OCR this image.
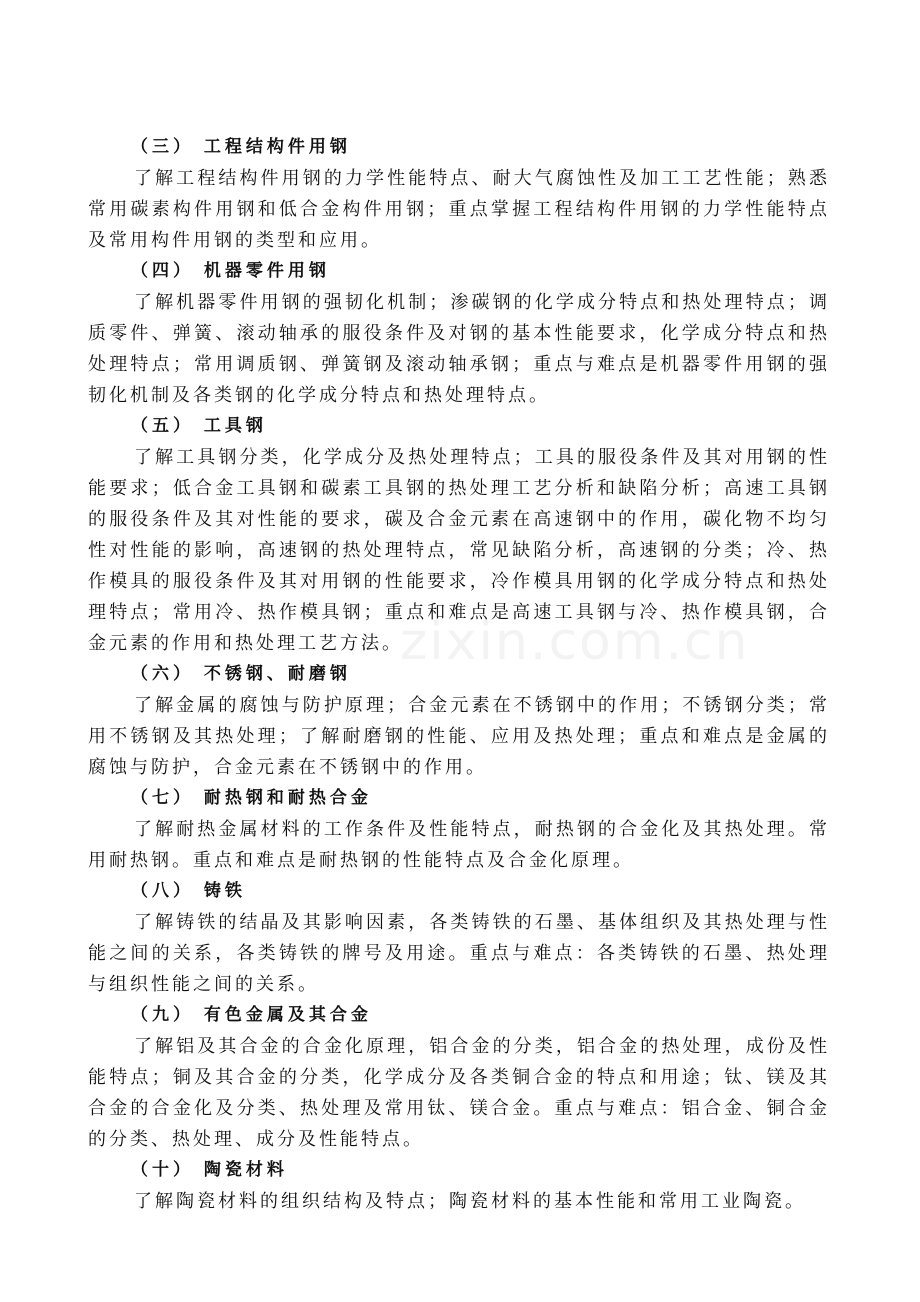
zixin.com.cn
（三） 工程结构件用钢

了解工程结构件用钢的力学性能特点、耐大气腐蚀性及加工工艺性能；熟悉常用碳素构件用钢和低合金构件用钢；重点掌握工程结构件用钢的力学性能特点及常用构件用钢的类型和应用。

（四） 机器零件用钢

了解机器零件用钢的强韧化机制；渗碳钢的化学成分特点和热处理特点；调质零件、弹簧、滚动轴承的服役条件及对钢的基本性能要求，化学成分特点和热处理特点；常用调质钢、弹簧钢及滚动轴承钢；重点与难点是机器零件用钢的强韧化机制及各类钢的化学成分特点和热处理特点。

（五） 工具钢

了解工具钢分类，化学成分及热处理特点；工具的服役条件及其对用钢的性能要求；低合金工具钢和碳素工具钢的热处理工艺分析和缺陷分析；高速工具钢的服役条件及其对性能的要求，碳及合金元素在高速钢中的作用，碳化物不均匀性对性能的影响，高速钢的热处理特点，常见缺陷分析，高速钢的分类；冷、热作模具的服役条件及其对用钢的性能要求，冷作模具用钢的化学成分特点和热处理特点；常用冷、热作模具钢；重点和难点是高速工具钢与冷、热作模具钢，合金元素的作用和热处理工艺方法。

（六） 不锈钢、耐磨钢

了解金属的腐蚀与防护原理；合金元素在不锈钢中的作用；不锈钢分类；常用不锈钢及其热处理；了解耐磨钢的性能、应用及热处理；重点和难点是金属的腐蚀与防护，合金元素在不锈钢中的作用。

（七） 耐热钢和耐热合金

了解耐热金属材料的工作条件及性能特点，耐热钢的合金化及其热处理。常用耐热钢。重点和难点是耐热钢的性能特点及合金化原理。

（八） 铸铁

了解铸铁的结晶及其影响因素，各类铸铁的石墨、基体组织及其热处理与性能之间的关系，各类铸铁的牌号及用途。重点与难点：各类铸铁的石墨、热处理与组织性能之间的关系。

（九） 有色金属及其合金

了解铝及其合金的合金化原理，铝合金的分类，铝合金的热处理，成份及性能特点；铜及其合金的分类，化学成分及各类铜合金的特点和用途；钛、镁及其合金的合金化及分类、热处理及常用钛、镁合金。重点与难点：铝合金、铜合金的分类、热处理、成分及性能特点。

（十） 陶瓷材料

了解陶瓷材料的组织结构及特点；陶瓷材料的基本性能和常用工业陶瓷。
